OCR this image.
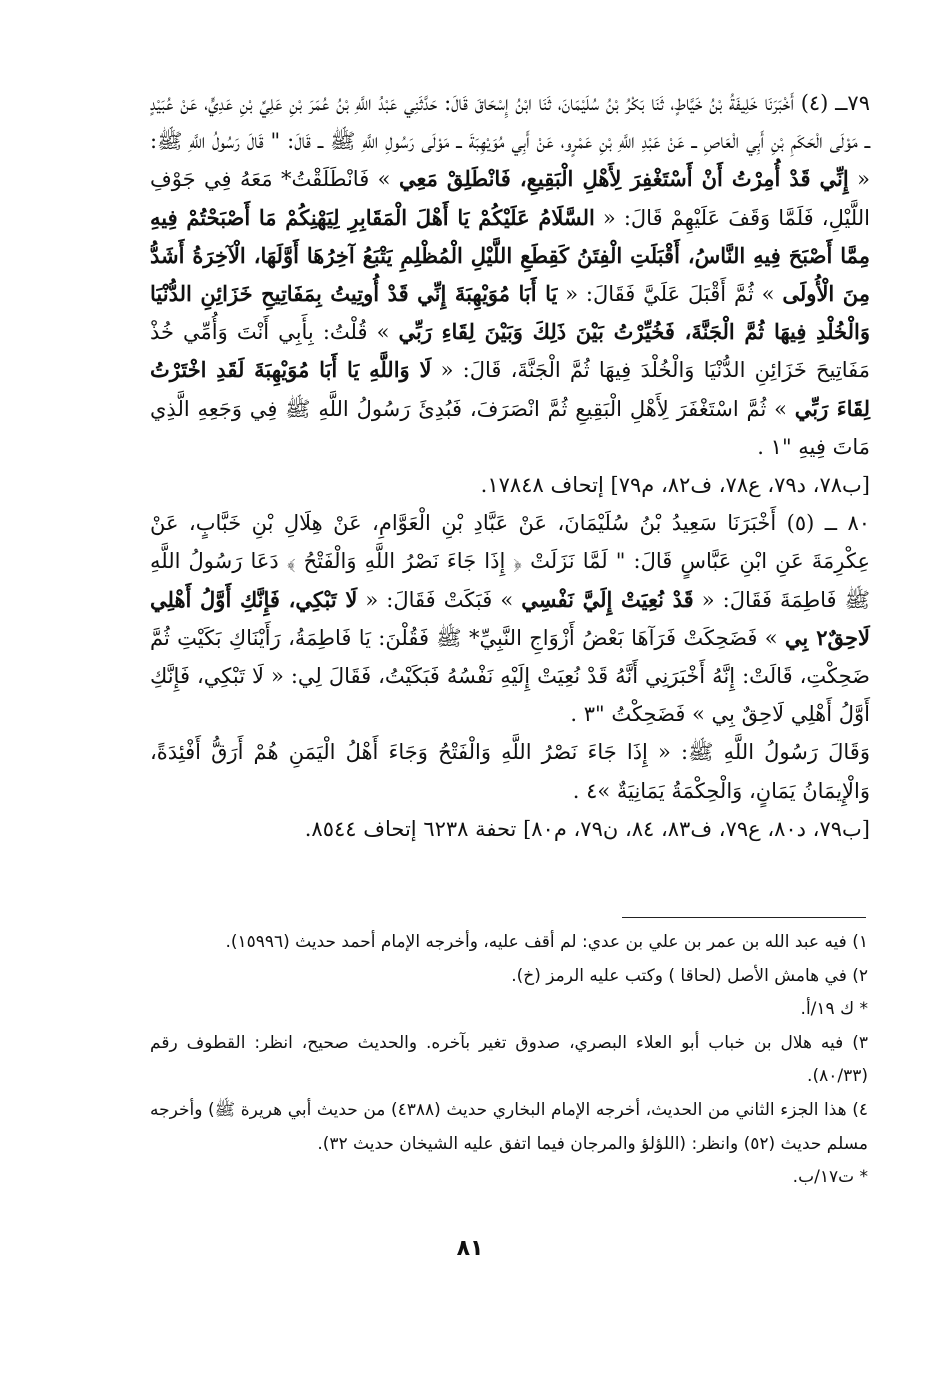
٧٩ــ (٤) أَخْبَرَنَا خَلِيفَةُ بْنُ خَيَّاطٍ، ثَنَا بَكْرُ بْنُ سُلَيْمَانَ، ثَنَا ابْنُ إِسْحَاقَ قَالَ: حَدَّثَنِي عَبْدُ اللَّهِ بْنُ عُمَرَ بْنِ عَلِيِّ بْنِ عَدِيٍّ، عَنْ عُبَيْدٍ ــ مَوْلَى الْحَكَمِ بْنِ أَبِي الْعَاصِ ــ عَنْ عَبْدِ اللَّهِ بْنِ عَمْرٍو، عَنْ أَبِي مُوَيْهِبَةَ ــ مَوْلَى رَسُولِ اللَّهِ ﷺ ــ قَالَ: " قَالَ رَسُولُ اللَّهِ ﷺ: « إِنِّي قَدْ أُمِرْتُ أَنْ أَسْتَغْفِرَ لِأَهْلِ الْبَقِيعِ، فَانْطَلِقْ مَعِي » فَانْطَلَقْتُ* مَعَهُ فِي جَوْفِ اللَّيْلِ، فَلَمَّا وَقَفَ عَلَيْهِمْ قَالَ: « السَّلَامُ عَلَيْكُمْ يَا أَهْلَ الْمَقَابِرِ لِيَهْنِكُمْ مَا أَصْبَحْتُمْ فِيهِ مِمَّا أَصْبَحَ فِيهِ النَّاسُ، أَقْبَلَتِ الْفِتَنُ كَقِطَعِ اللَّيْلِ الْمُظْلِمِ يَتْبَعُ آخِرُهَا أَوَّلَهَا، الْآخِرَةُ أَشَدُّ مِنَ الْأُولَى » ثُمَّ أَقْبَلَ عَلَيَّ فَقَالَ: « يَا أَبَا مُوَيْهِبَةَ إِنِّي قَدْ أُوتِيتُ بِمَفَاتِيحِ خَزَائِنِ الدُّنْيَا وَالْخُلْدِ فِيهَا ثُمَّ الْجَنَّةَ، فَخُيِّرْتُ بَيْنَ ذَلِكَ وَبَيْنَ لِقَاءِ رَبِّي » قُلْتُ: بِأَبِي أَنْتَ وَأُمِّي خُذْ مَفَاتِيحَ خَزَائِنِ الدُّنْيَا وَالْخُلْدَ فِيهَا ثُمَّ الْجَنَّةَ، قَالَ: « لَا وَاللَّهِ يَا أَبَا مُوَيْهِبَةَ لَقَدِ اخْتَرْتُ لِقَاءَ رَبِّي » ثُمَّ اسْتَغْفَرَ لِأَهْلِ الْبَقِيعِ ثُمَّ انْصَرَفَ، فَبُدِئَ رَسُولُ اللَّهِ ﷺ فِي وَجَعِهِ الَّذِي مَاتَ فِيهِ "١ .

[ب٧٨، د٧٩، ع٧٨، ف٨٢، م٧٩] إتحاف ١٧٨٤٨.

٨٠ ــ (٥) أَخْبَرَنَا سَعِيدُ بْنُ سُلَيْمَانَ، عَنْ عَبَّادِ بْنِ الْعَوَّامِ، عَنْ هِلَالِ بْنِ خَبَّابٍ، عَنْ عِكْرِمَةَ عَنِ ابْنِ عَبَّاسٍ قَالَ: " لَمَّا نَزَلَتْ ﴿ إِذَا جَاءَ نَصْرُ اللَّهِ وَالْفَتْحُ ﴾ دَعَا رَسُولُ اللَّهِ ﷺ فَاطِمَةَ فَقَالَ: « قَدْ نُعِيَتْ إِلَيَّ نَفْسِي » فَبَكَتْ فَقَالَ: « لَا تَبْكِي، فَإِنَّكِ أَوَّلُ أَهْلِي لَاحِقٌ٢ بِي » فَضَحِكَتْ فَرَآهَا بَعْضُ أَزْوَاجِ النَّبِيِّ* ﷺ فَقُلْنَ: يَا فَاطِمَةُ، رَأَيْنَاكِ بَكَيْتِ ثُمَّ ضَحِكْتِ، قَالَتْ: إِنَّهُ أَخْبَرَنِي أَنَّهُ قَدْ نُعِيَتْ إِلَيْهِ نَفْسُهُ فَبَكَيْتُ، فَقَالَ لِي: « لَا تَبْكِي، فَإِنَّكِ أَوَّلُ أَهْلِي لَاحِقٌ بِي » فَضَحِكْتُ "٣ .

وَقَالَ رَسُولُ اللَّهِ ﷺ: « إِذَا جَاءَ نَصْرُ اللَّهِ وَالْفَتْحُ وَجَاءَ أَهْلُ الْيَمَنِ هُمْ أَرَقُّ أَفْئِدَةً، وَالْإِيمَانُ يَمَانٍ، وَالْحِكْمَةُ يَمَانِيَةٌ »٤ .

[ب٧٩، د٨٠، ع٧٩، ف٨٣، ٨٤، ن٧٩، م٨٠] تحفة ٦٢٣٨ إتحاف ٨٥٤٤.

١) فيه عبد الله بن عمر بن علي بن عدي: لم أقف عليه، وأخرجه الإمام أحمد حديث (١٥٩٩٦).

٢) في هامش الأصل (لحاقا ) وكتب عليه الرمز (خ).

* ك ١٩/أ.

٣) فيه هلال بن خباب أبو العلاء البصري، صدوق تغير بآخره. والحديث صحيح، انظر: القطوف رقم (٨٠/٣٣).

٤) هذا الجزء الثاني من الحديث، أخرجه الإمام البخاري حديث (٤٣٨٨) من حديث أبي هريرة ﷺ) وأخرجه مسلم حديث (٥٢) وانظر: (اللؤلؤ والمرجان فيما اتفق عليه الشيخان حديث ٣٢).

* ت١٧/ب.

٨١
